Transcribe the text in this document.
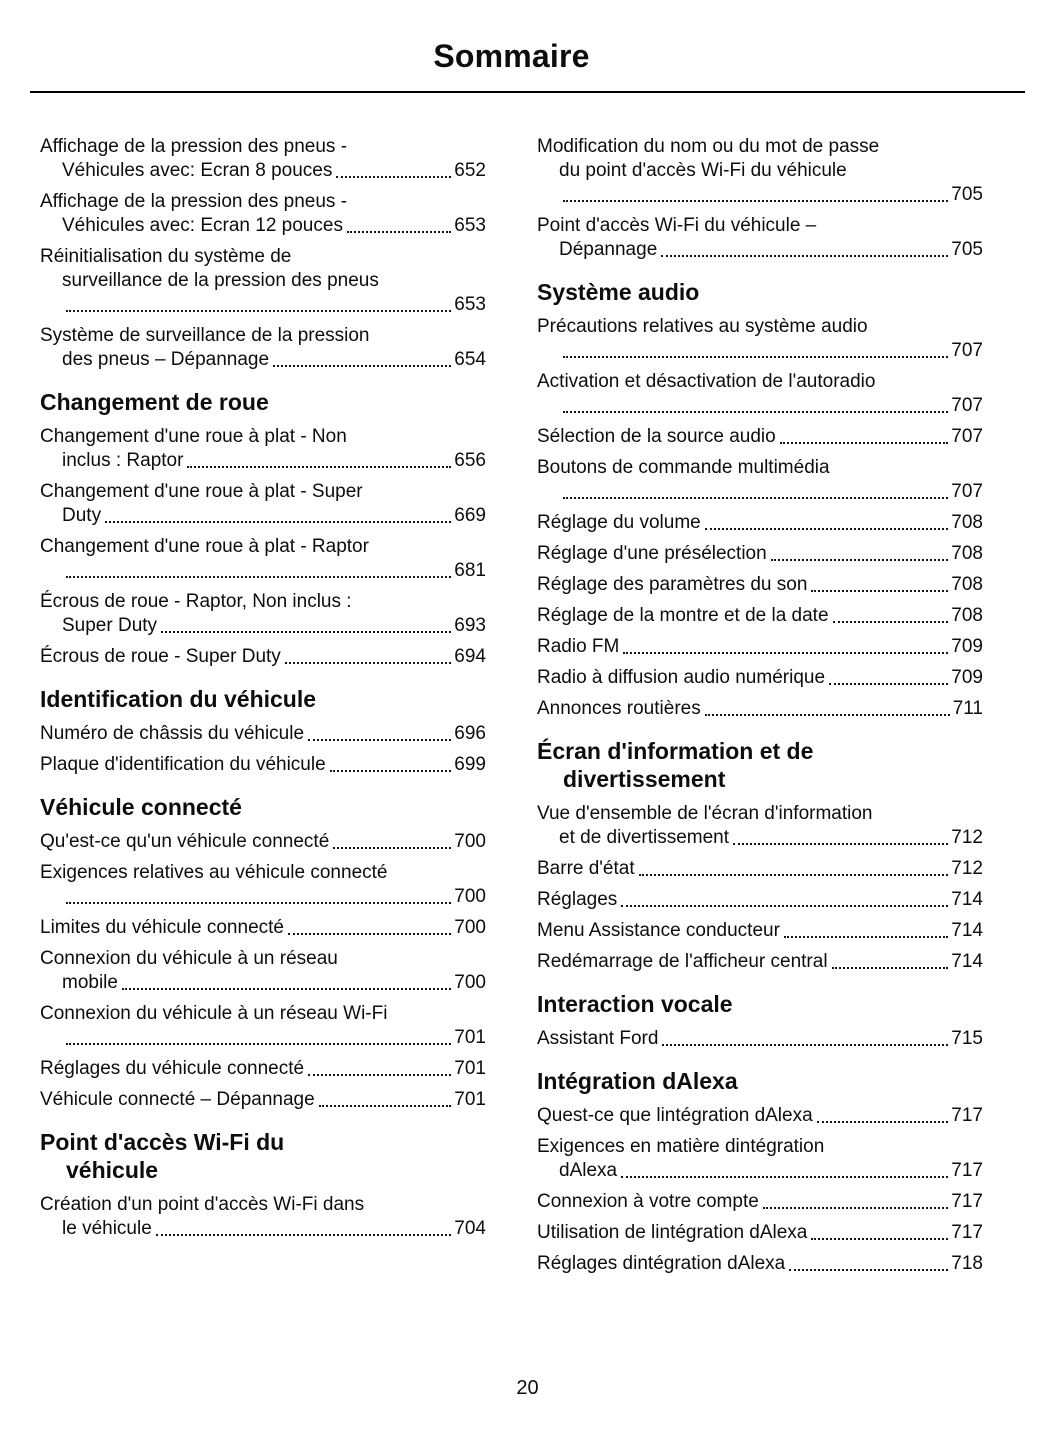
Sommaire
Affichage de la pression des pneus -
Véhicules avec: Ecran 8 pouces	652
Affichage de la pression des pneus -
Véhicules avec: Ecran 12 pouces	653
Réinitialisation du système de
surveillance de la pression des pneus
653
Système de surveillance de la pression
des pneus – Dépannage	654
Changement de roue
Changement d'une roue à plat - Non
inclus : Raptor	656
Changement d'une roue à plat - Super
Duty	669
Changement d'une roue à plat - Raptor
681
Écrous de roue - Raptor, Non inclus :
Super Duty	693
Écrous de roue - Super Duty	694
Identification du véhicule
Numéro de châssis du véhicule	696
Plaque d'identification du véhicule	699
Véhicule connecté
Qu'est-ce qu'un véhicule connecté	700
Exigences relatives au véhicule connecté
700
Limites du véhicule connecté	700
Connexion du véhicule à un réseau
mobile	700
Connexion du véhicule à un réseau Wi-Fi
701
Réglages du véhicule connecté	701
Véhicule connecté – Dépannage	701
Point d'accès Wi-Fi du
véhicule
Création d'un point d'accès Wi-Fi dans
le véhicule	704
Modification du nom ou du mot de passe
du point d'accès Wi-Fi du véhicule
705
Point d'accès Wi-Fi du véhicule –
Dépannage	705
Système audio
Précautions relatives au système audio
707
Activation et désactivation de l'autoradio
707
Sélection de la source audio	707
Boutons de commande multimédia
707
Réglage du volume	708
Réglage d'une présélection	708
Réglage des paramètres du son	708
Réglage de la montre et de la date	708
Radio FM	709
Radio à diffusion audio numérique	709
Annonces routières	711
Écran d'information et de
divertissement
Vue d'ensemble de l'écran d'information
et de divertissement	712
Barre d'état	712
Réglages	714
Menu Assistance conducteur	714
Redémarrage de l'afficheur central	714
Interaction vocale
Assistant Ford	715
Intégration dAlexa
Quest-ce que lintégration dAlexa	717
Exigences en matière dintégration
dAlexa	717
Connexion à votre compte	717
Utilisation de lintégration dAlexa	717
Réglages dintégration dAlexa	718
20
